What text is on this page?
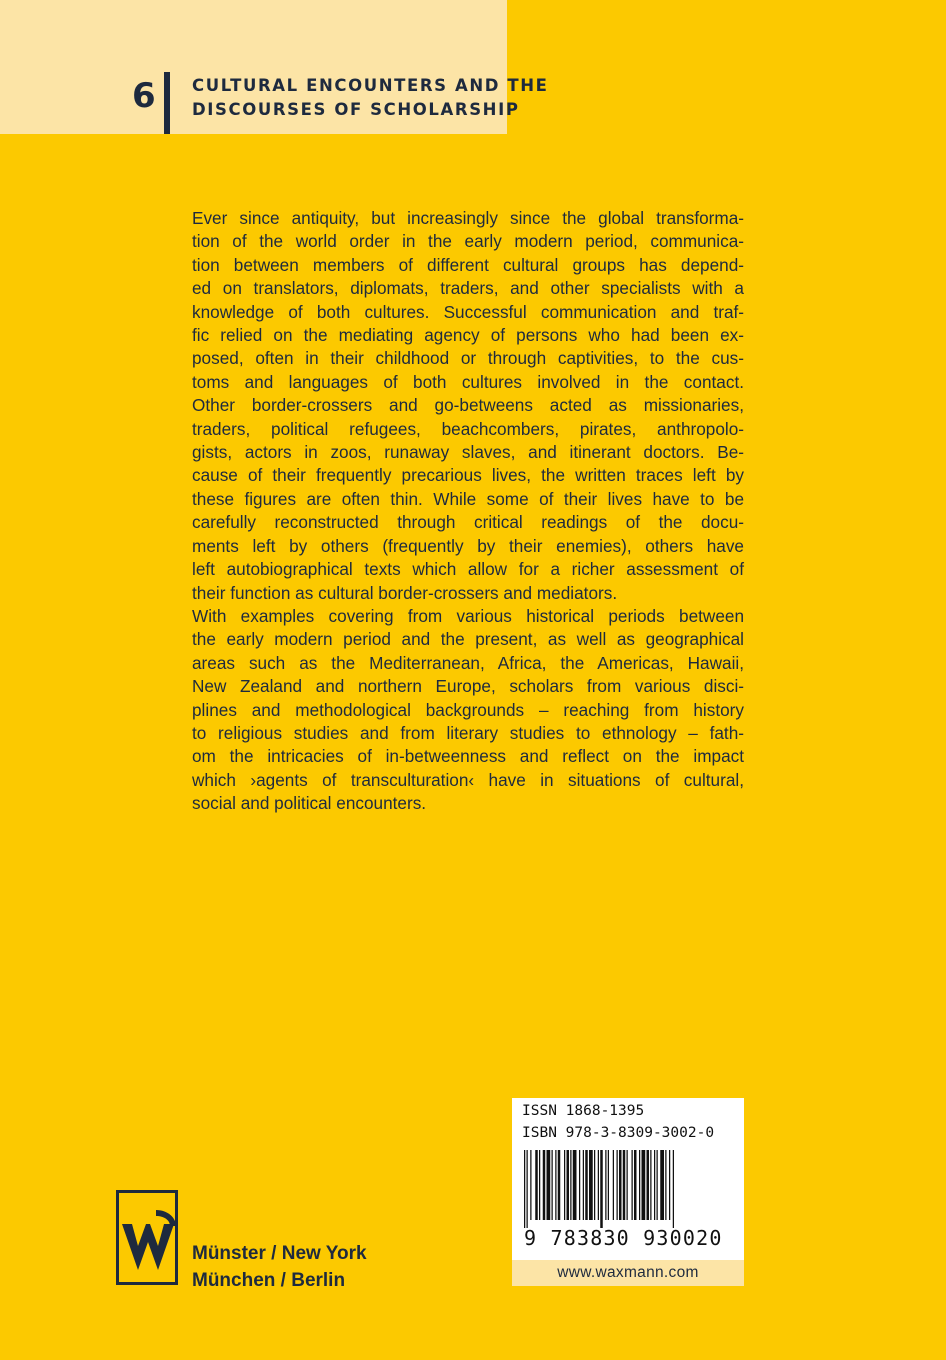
6 CULTURAL ENCOUNTERS AND THE
DISCOURSES OF SCHOLARSHIP

Ever since antiquity, but increasingly since the global transforma-
tion of the world order in the early modern period, communica-
tion between members of different cultural groups has depend-
ed on translators, diplomats, traders, and other specialists with a
knowledge of both cultures. Successful communication and traf-
fic relied on the mediating agency of persons who had been ex-
posed, often in their childhood or through captivities, to the cus-
toms and languages of both cultures involved in the contact.
Other border-crossers and go-betweens acted as missionaries,
traders, political refugees, beachcombers, pirates, anthropolo-
gists, actors in zoos, runaway slaves, and itinerant doctors. Be-
cause of their frequently precarious lives, the written traces left by
these figures are often thin. While some of their lives have to be
carefully reconstructed through critical readings of the docu-
ments left by others (frequently by their enemies), others have
left autobiographical texts which allow for a richer assessment of
their function as cultural border-crossers and mediators.

With examples covering from various historical periods between
the early modern period and the present, as well as geographical
areas such as the Mediterranean, Africa, the Americas, Hawaii,
New Zealand and northern Europe, scholars from various disci-
plines and methodological backgrounds – reaching from history
to religious studies and from literary studies to ethnology – fath-
om the intricacies of in-betweenness and reflect on the impact
which ›agents of transculturation‹ have in situations of cultural,
social and political encounters.

ISSN 1868-1395
ISBN 978-3-8309-3002-0
9 783830 930020
www.waxmann.com
Münster / New York
München / Berlin
